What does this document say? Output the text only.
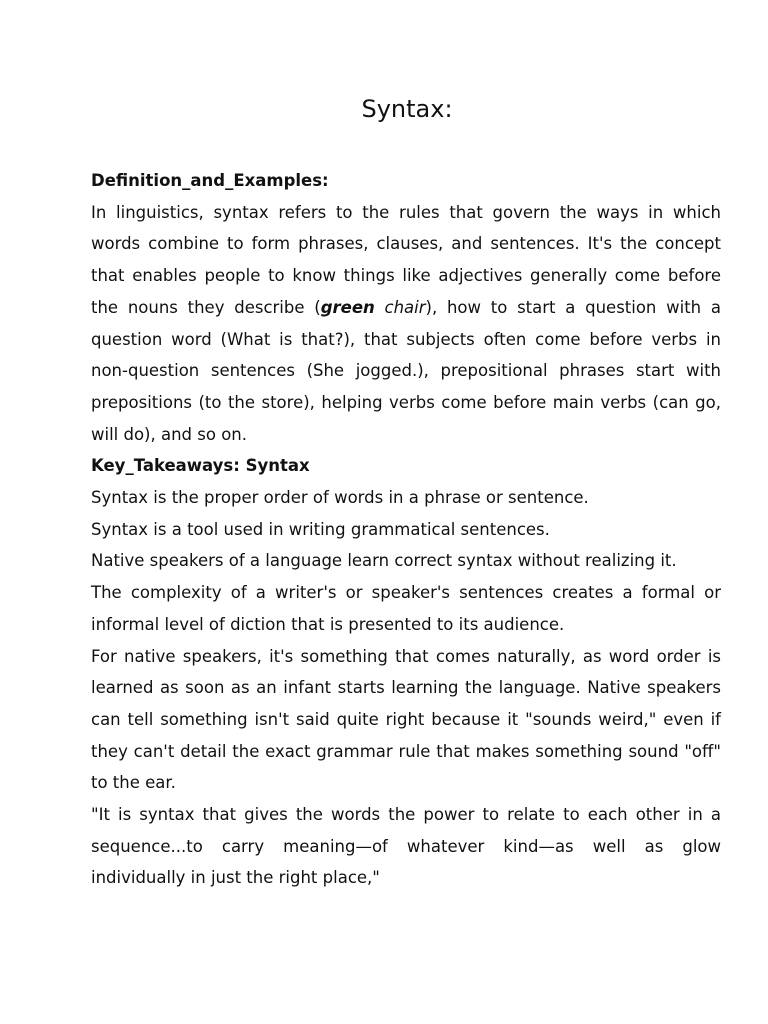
Syntax:
Definition_and_Examples:

In linguistics, syntax refers to the rules that govern the ways in which words combine to form phrases, clauses, and sentences. It's the concept that enables people to know things like adjectives generally come before the nouns they describe (green chair), how to start a question with a question word (What is that?), that subjects often come before verbs in non-question sentences (She jogged.), prepositional phrases start with prepositions (to the store), helping verbs come before main verbs (can go, will do), and so on.

Key_Takeaways: Syntax

Syntax is the proper order of words in a phrase or sentence.

Syntax is a tool used in writing grammatical sentences.

Native speakers of a language learn correct syntax without realizing it.

The complexity of a writer's or speaker's sentences creates a formal or informal level of diction that is presented to its audience.

For native speakers, it's something that comes naturally, as word order is learned as soon as an infant starts learning the language. Native speakers can tell something isn't said quite right because it "sounds weird," even if they can't detail the exact grammar rule that makes something sound "off" to the ear.

"It is syntax that gives the words the power to relate to each other in a sequence...to carry meaning—of whatever kind—as well as glow individually in just the right place,"
